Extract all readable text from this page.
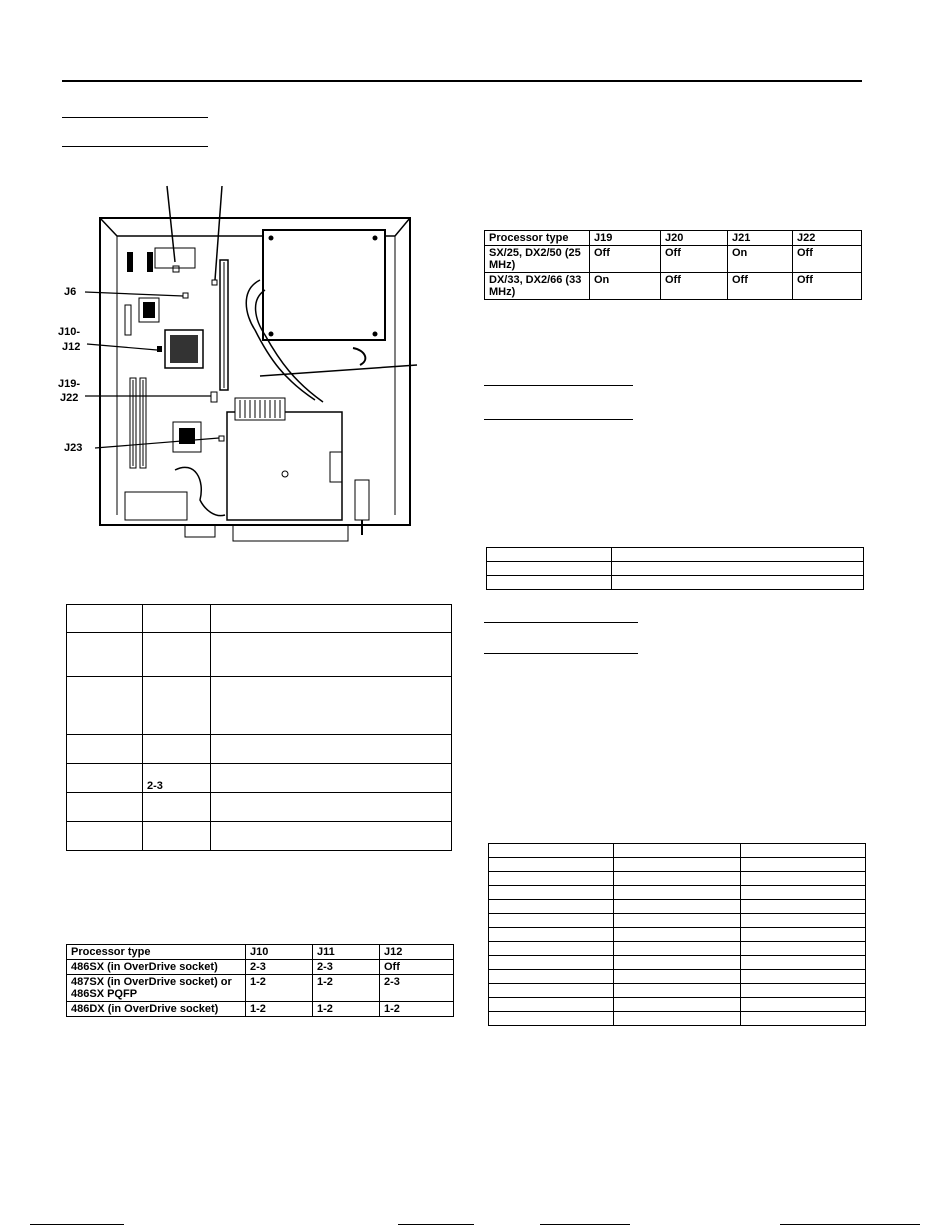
J6
J10-
J12
J19-
J22
J23

	2-3	

Processor type	J10	J11	J12
486SX (in OverDrive socket)	2-3	2-3	Off
487SX (in OverDrive socket) or 486SX PQFP	1-2	1-2	2-3
486DX (in OverDrive socket)	1-2	1-2	1-2
Processor type	J19	J20	J21	J22
SX/25, DX2/50 (25 MHz)	Off	Off	On	Off
DX/33, DX2/66 (33 MHz)	On	Off	Off	Off
